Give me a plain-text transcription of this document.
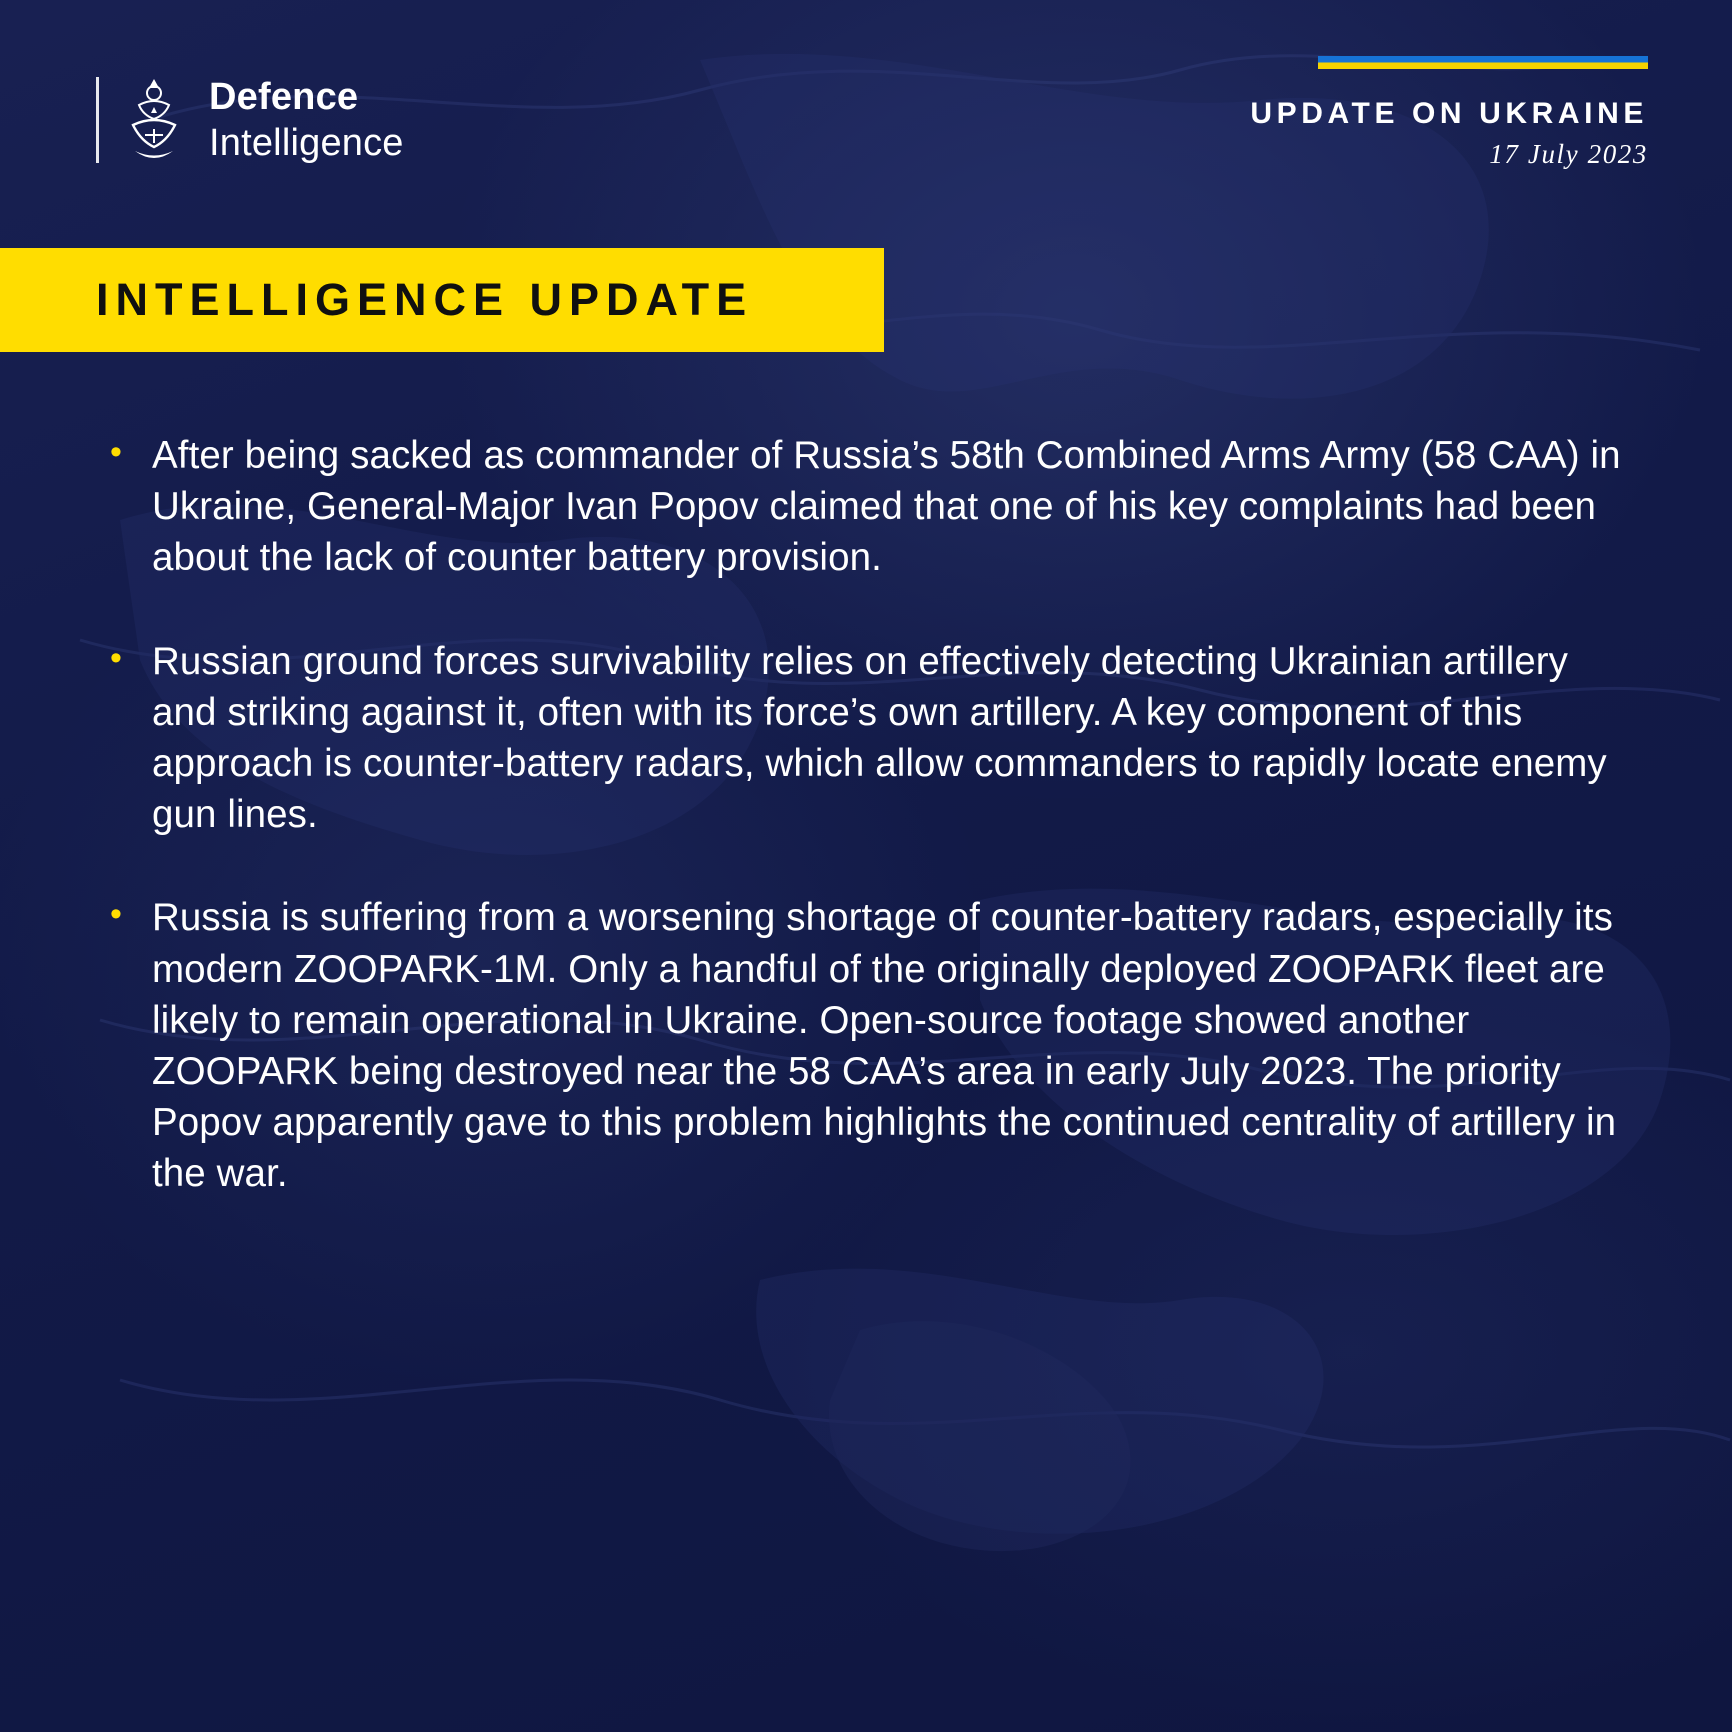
Defence
Intelligence
UPDATE ON UKRAINE
17 July 2023
INTELLIGENCE UPDATE
• After being sacked as commander of Russia’s 58th Combined Arms Army (58 CAA) in Ukraine, General-Major Ivan Popov claimed that one of his key complaints had been about the lack of counter battery provision.
• Russian ground forces survivability relies on effectively detecting Ukrainian artillery and striking against it, often with its force’s own artillery. A key component of this approach is counter-battery radars, which allow commanders to rapidly locate enemy gun lines.
• Russia is suffering from a worsening shortage of counter-battery radars, especially its modern ZOOPARK-1M. Only a handful of the originally deployed ZOOPARK fleet are likely to remain operational in Ukraine. Open-source footage showed another ZOOPARK being destroyed near the 58 CAA’s area in early July 2023. The priority Popov apparently gave to this problem highlights the continued centrality of artillery in the war.
